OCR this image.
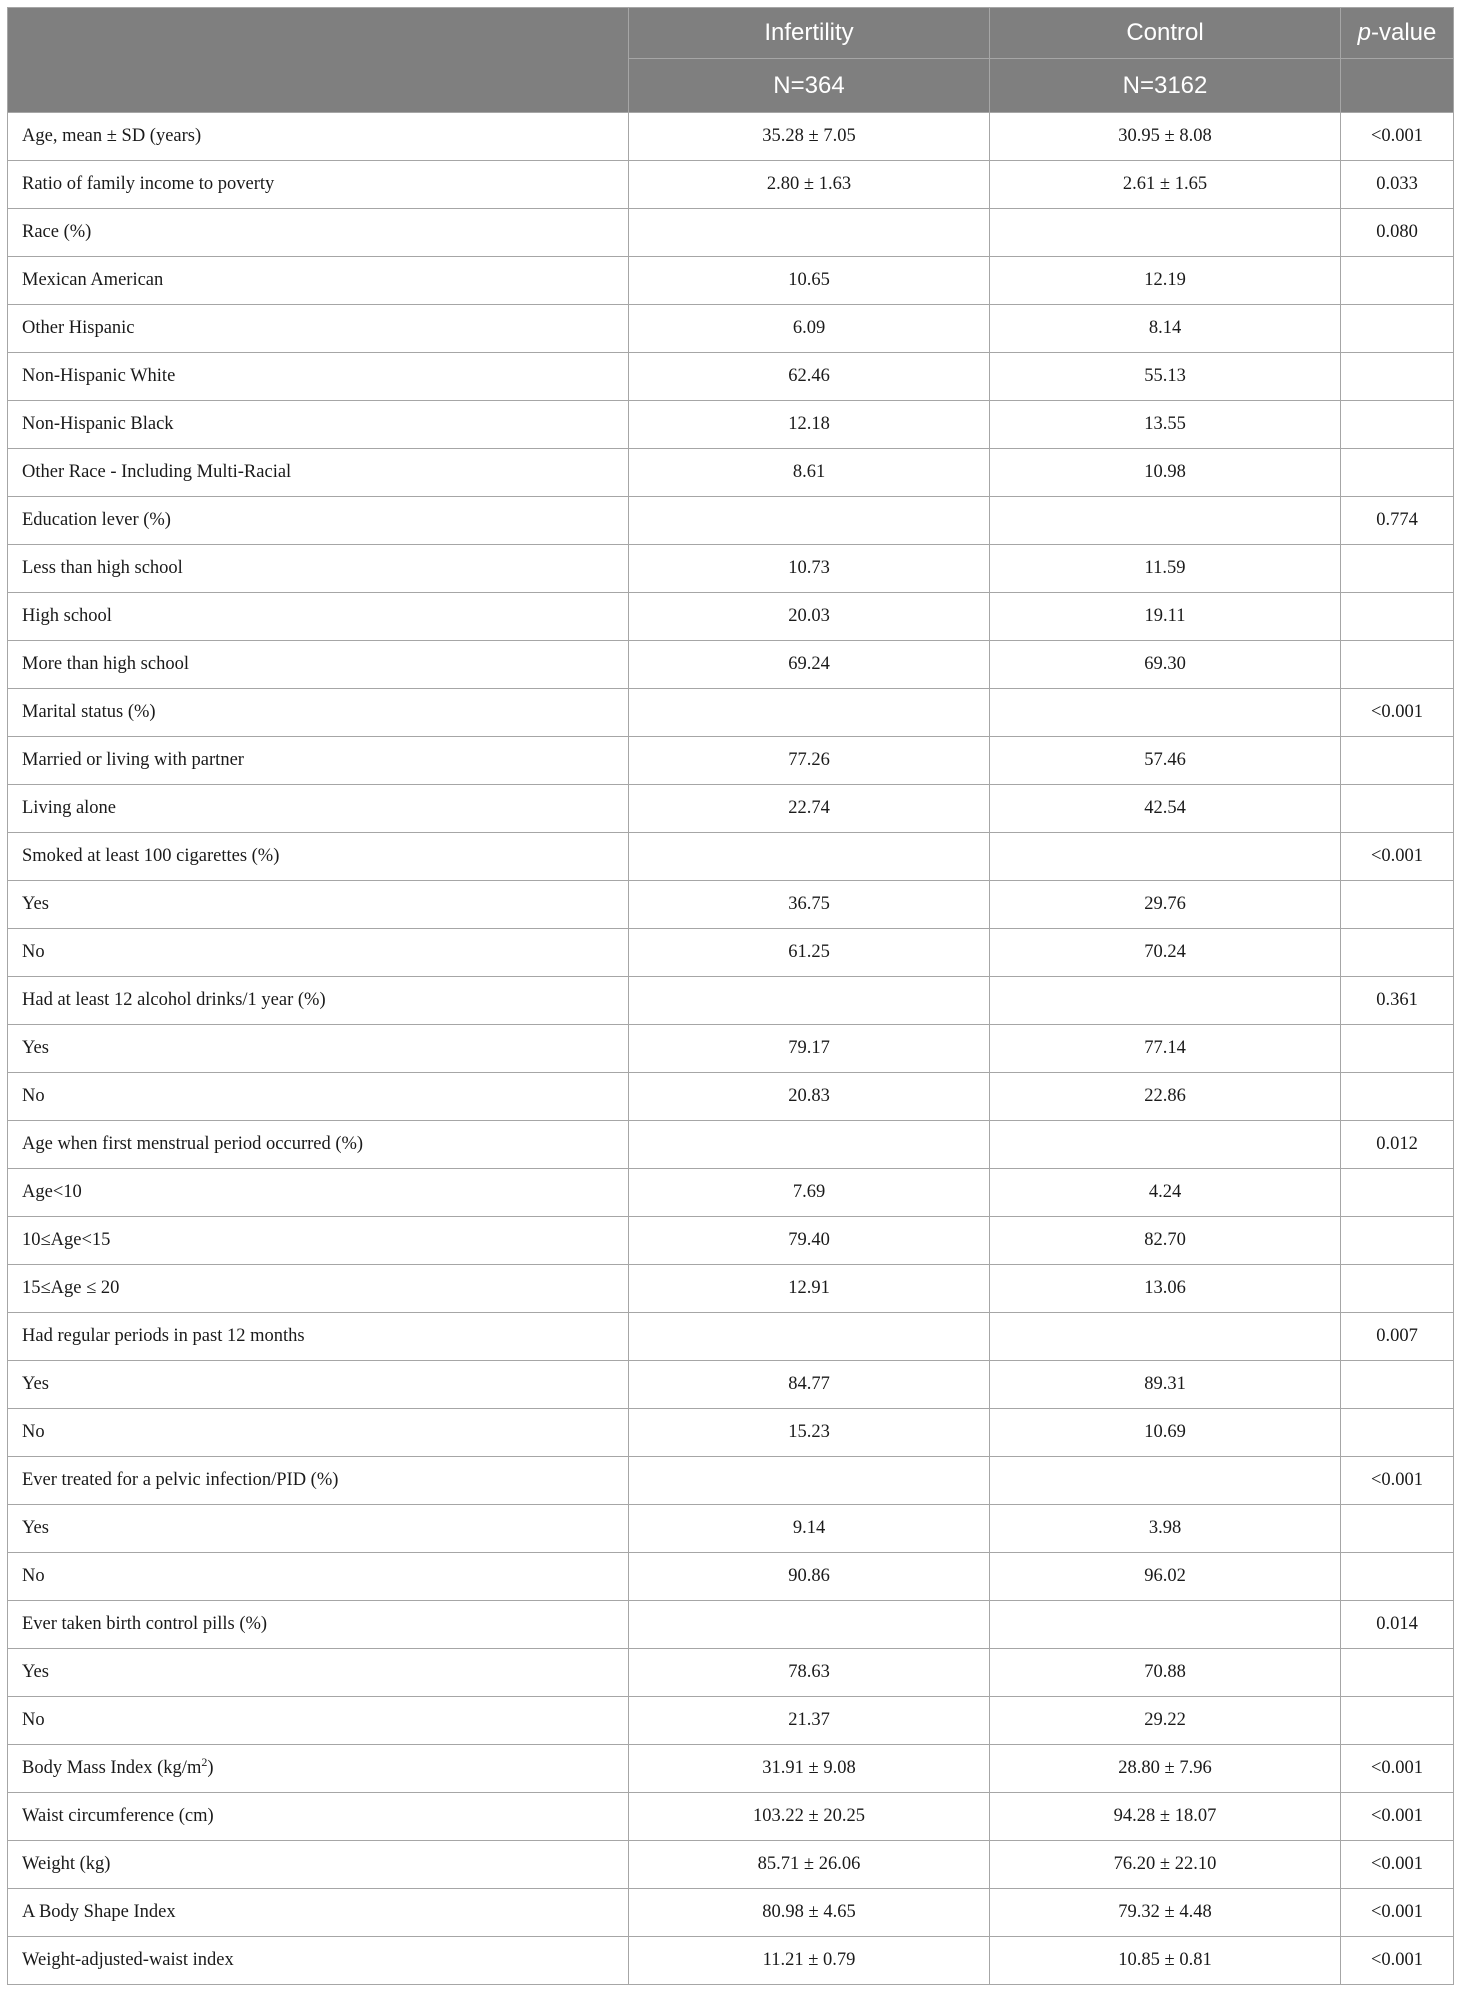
	Infertility	Control	p-value
	N=364	N=3162	
Age, mean ± SD (years)	35.28 ± 7.05	30.95 ± 8.08	<0.001
Ratio of family income to poverty	2.80 ± 1.63	2.61 ± 1.65	0.033
Race (%)			0.080
Mexican American	10.65	12.19	
Other Hispanic	6.09	8.14	
Non-Hispanic White	62.46	55.13	
Non-Hispanic Black	12.18	13.55	
Other Race - Including Multi-Racial	8.61	10.98	
Education lever (%)			0.774
Less than high school	10.73	11.59	
High school	20.03	19.11	
More than high school	69.24	69.30	
Marital status (%)			<0.001
Married or living with partner	77.26	57.46	
Living alone	22.74	42.54	
Smoked at least 100 cigarettes (%)			<0.001
Yes	36.75	29.76	
No	61.25	70.24	
Had at least 12 alcohol drinks/1 year (%)			0.361
Yes	79.17	77.14	
No	20.83	22.86	
Age when first menstrual period occurred (%)			0.012
Age<10	7.69	4.24	
10≤Age<15	79.40	82.70	
15≤Age ≤ 20	12.91	13.06	
Had regular periods in past 12 months			0.007
Yes	84.77	89.31	
No	15.23	10.69	
Ever treated for a pelvic infection/PID (%)			<0.001
Yes	9.14	3.98	
No	90.86	96.02	
Ever taken birth control pills (%)			0.014
Yes	78.63	70.88	
No	21.37	29.22	
Body Mass Index $(kg/m^2)$	31.91 ± 9.08	28.80 ± 7.96	<0.001
Waist circumference (cm)	103.22 ± 20.25	94.28 ± 18.07	<0.001
Weight (kg)	85.71 ± 26.06	76.20 ± 22.10	<0.001
A Body Shape Index	80.98 ± 4.65	79.32 ± 4.48	<0.001
Weight-adjusted-waist index	11.21 ± 0.79	10.85 ± 0.81	<0.001
